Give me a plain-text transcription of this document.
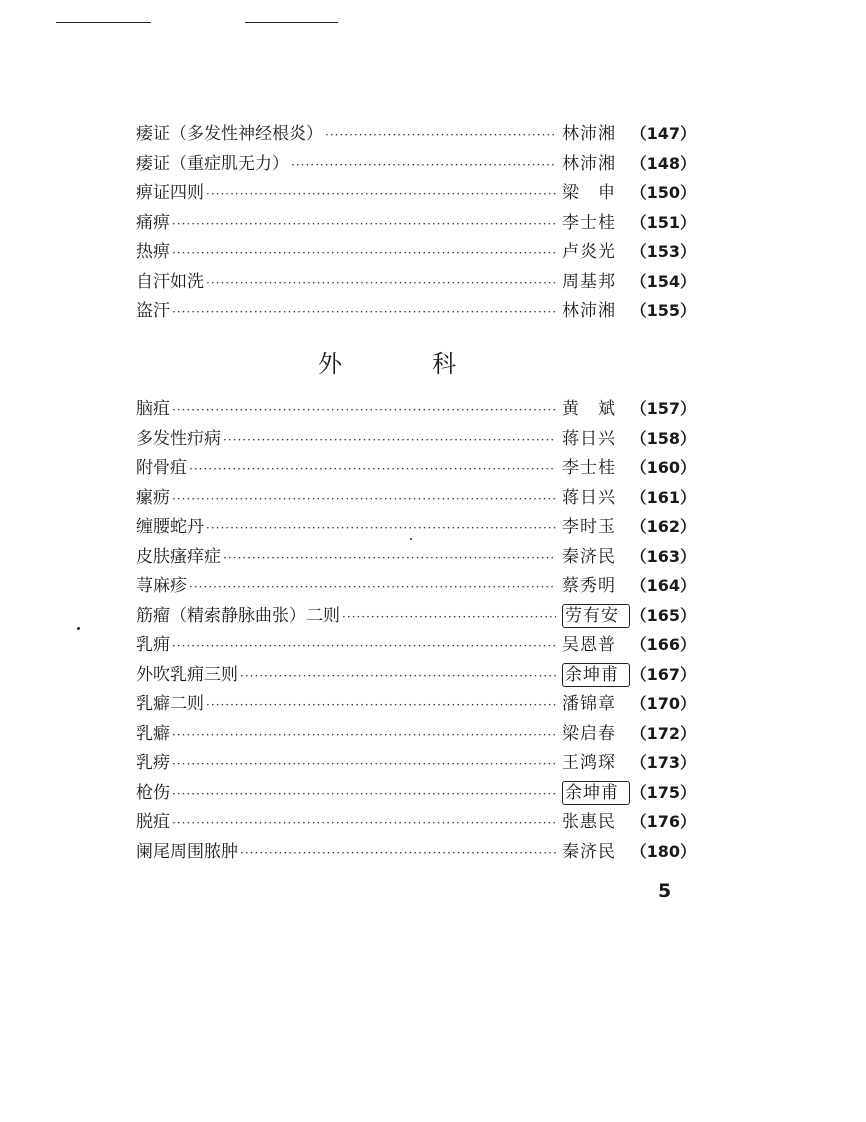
痿证（多发性神经根炎） ·····	林沛湘 （147）
痿证（重症肌无力） ·····	林沛湘 （148）
痹证四则 ·····	梁　申 （150）
痛痹 ·····	李士桂 （151）
热痹 ·····	卢炎光 （153）
自汗如洗 ·····	周基邦 （154）
盗汗 ·····	林沛湘 （155）
外	科
脑疽 ·····	黄　斌 （157）
多发性疖病 ·····	蒋日兴 （158）
附骨疽 ·····	李士桂 （160）
瘰疬 ·····	蒋日兴 （161）
缠腰蛇丹 ·····	李时玉 （162）
皮肤瘙痒症 ·····	秦济民 （163）
荨麻疹 ·····	蔡秀明 （164）
筋瘤（精索静脉曲张）二则 ·····	劳有安 （165）
乳痈 ·····	吴恩普 （166）
外吹乳痈三则 ·····	余坤甫 （167）
乳癖二则 ·····	潘锦章 （170）
乳癖 ·····	梁启春 （172）
乳痨 ·····	王鸿琛 （173）
枪伤 ·····	余坤甫 （175）
脱疽 ·····	张惠民 （176）
阑尾周围脓肿 ·····	秦济民 （180）
5
